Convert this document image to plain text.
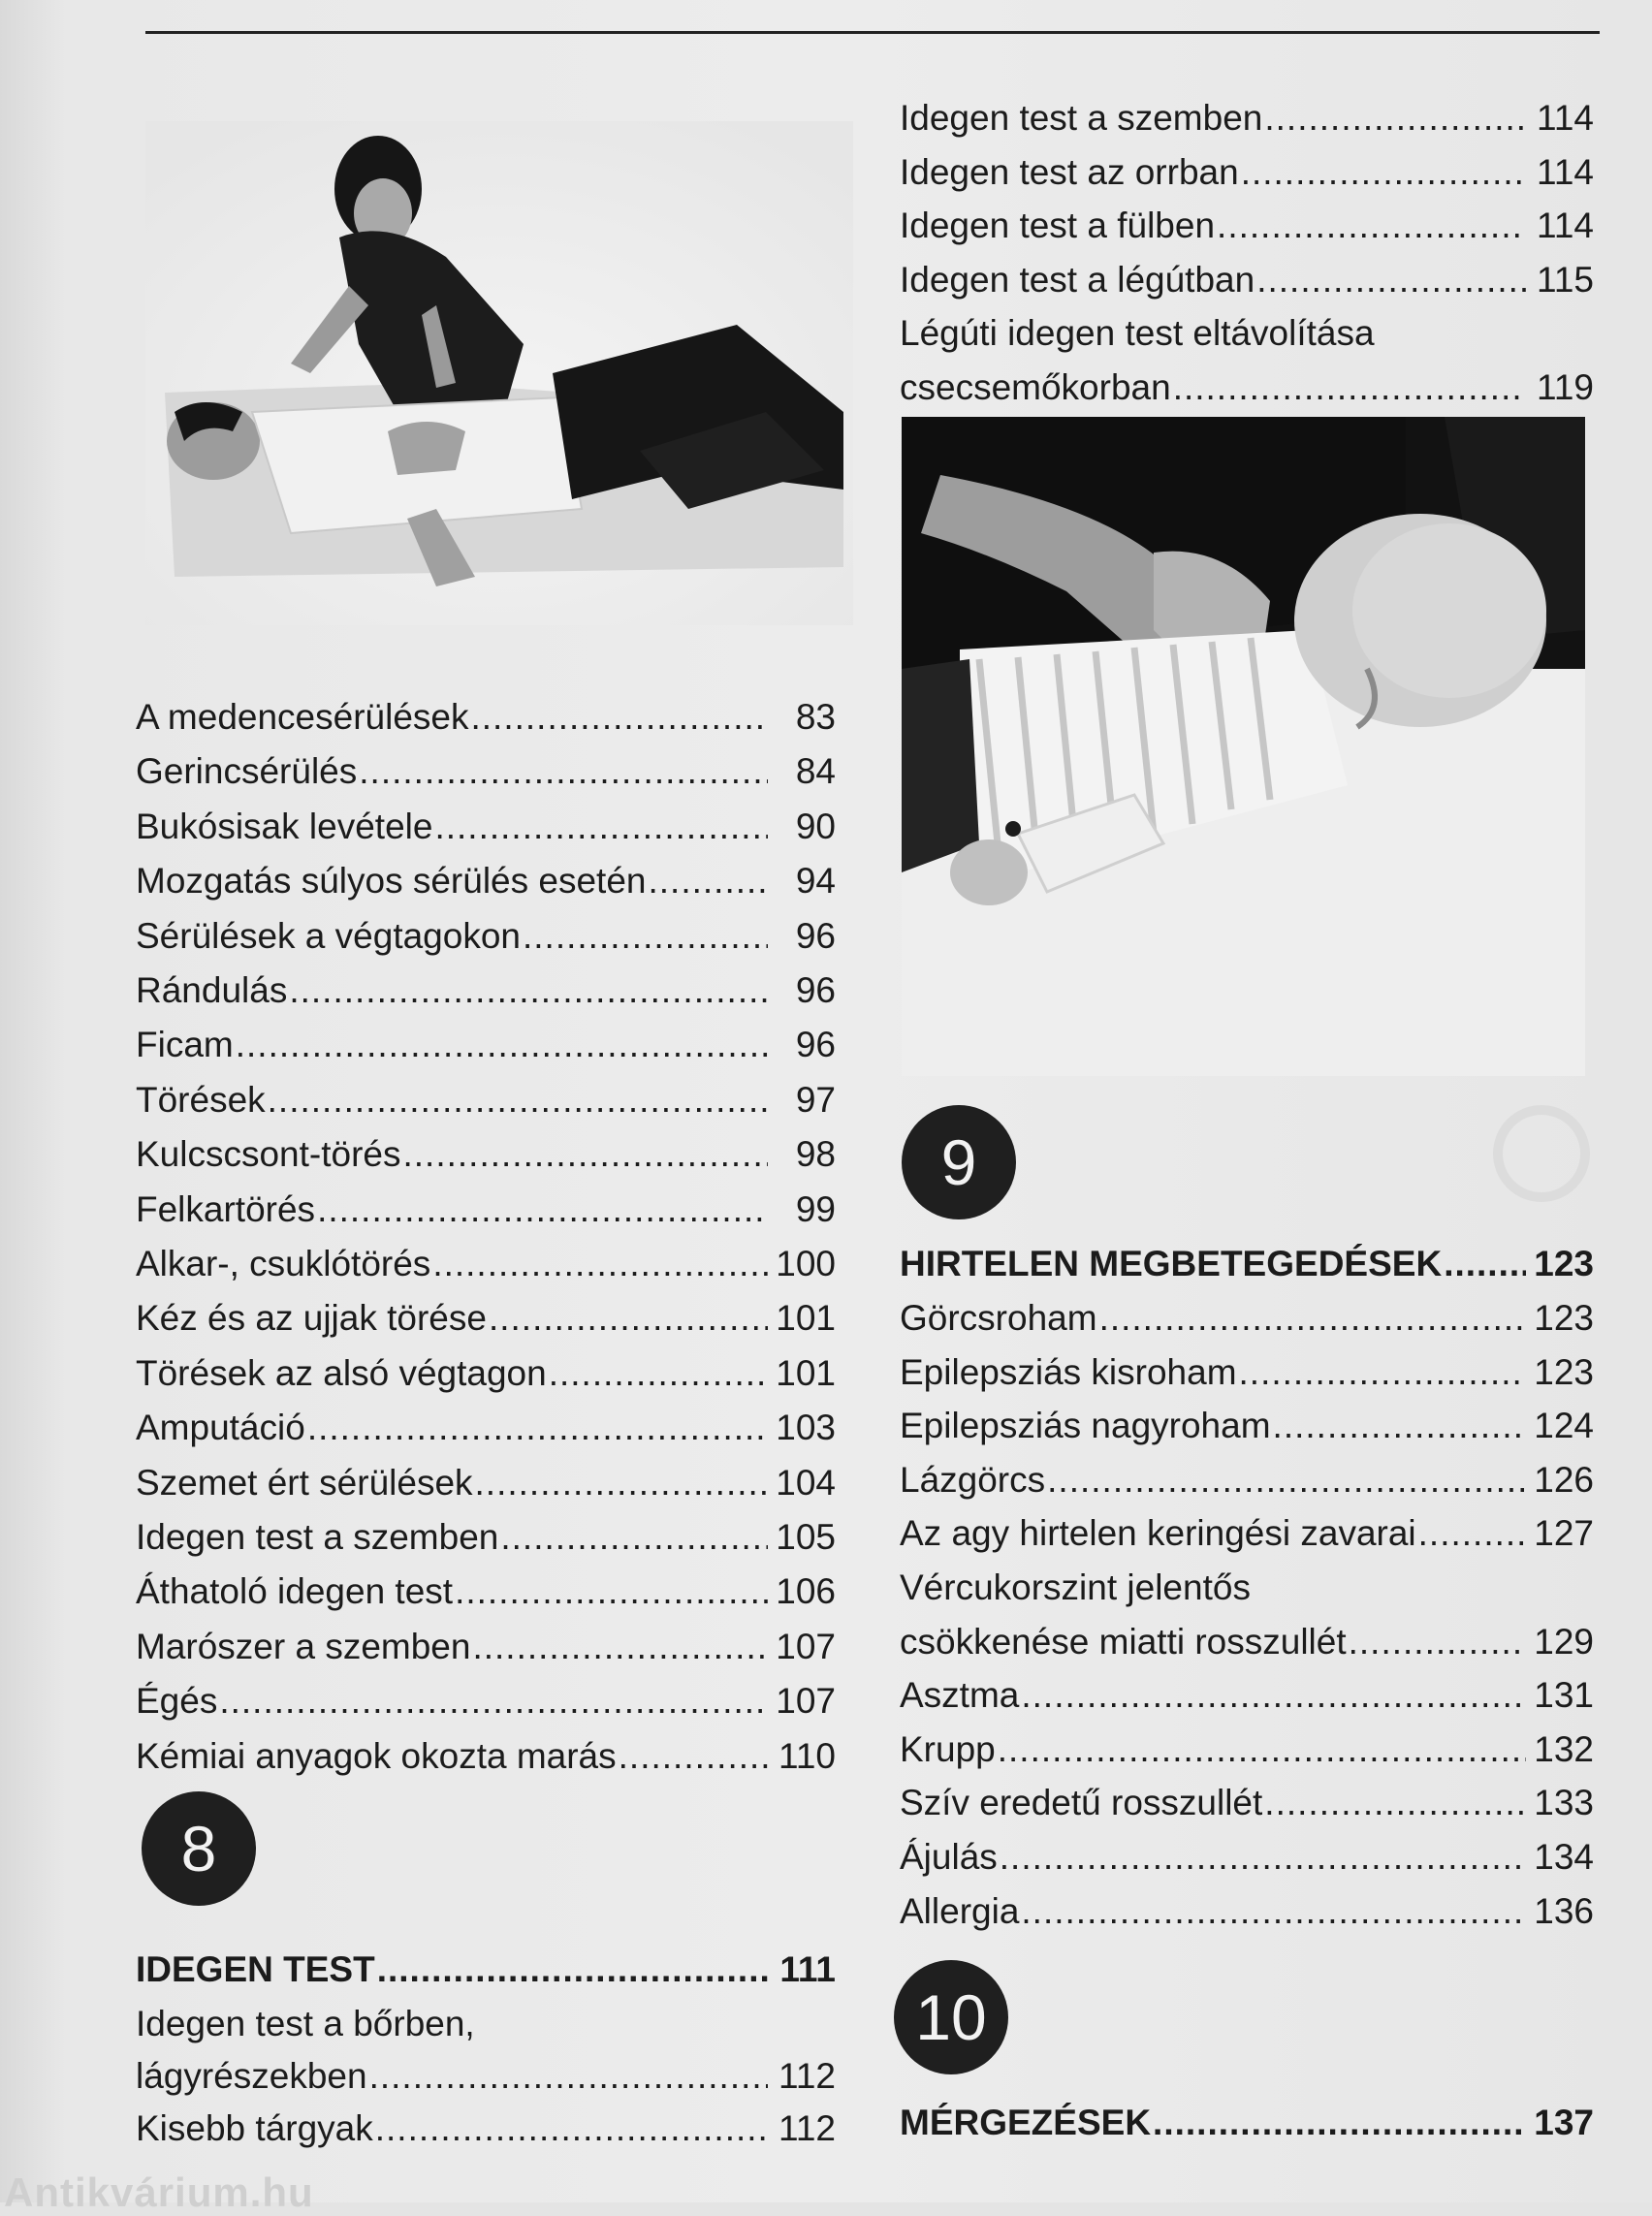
A medencesérülések .....	83
Gerincsérülés .....	84
Bukósisak levétele .....	90
Mozgatás súlyos sérülés esetén .....	94
Sérülések a végtagokon .....	96
Rándulás .....	96
Ficam .....	96
Törések .....	97
Kulcscsont-törés .....	98
Felkartörés .....	99
Alkar-, csuklótörés .....	100
Kéz és az ujjak törése .....	101
Törések az alsó végtagon .....	101
Amputáció .....	103
Szemet ért sérülések .....	104
Idegen test a szemben .....	105
Áthatoló idegen test .....	106
Marószer a szemben .....	107
Égés .....	107
Kémiai anyagok okozta marás .....	110
IDEGEN TEST .....	111
Idegen test a bőrben,
lágyrészekben .....	112
Kisebb tárgyak .....	112
Idegen test a szemben .....	114
Idegen test az orrban .....	114
Idegen test a fülben .....	114
Idegen test a légútban .....	115
Légúti idegen test eltávolítása
csecsemőkorban .....	119
HIRTELEN MEGBETEGEDÉSEK .....	123
Görcsroham .....	123
Epilepsziás kisroham .....	123
Epilepsziás nagyroham .....	124
Lázgörcs .....	126
Az agy hirtelen keringési zavarai .....	127
Vércukorszint jelentős
csökkenése miatti rosszullét .....	129
Asztma .....	131
Krupp .....	132
Szív eredetű rosszullét .....	133
Ájulás .....	134
Allergia .....	136
MÉRGEZÉSEK .....	137
8
9
10
Antikvárium.hu
